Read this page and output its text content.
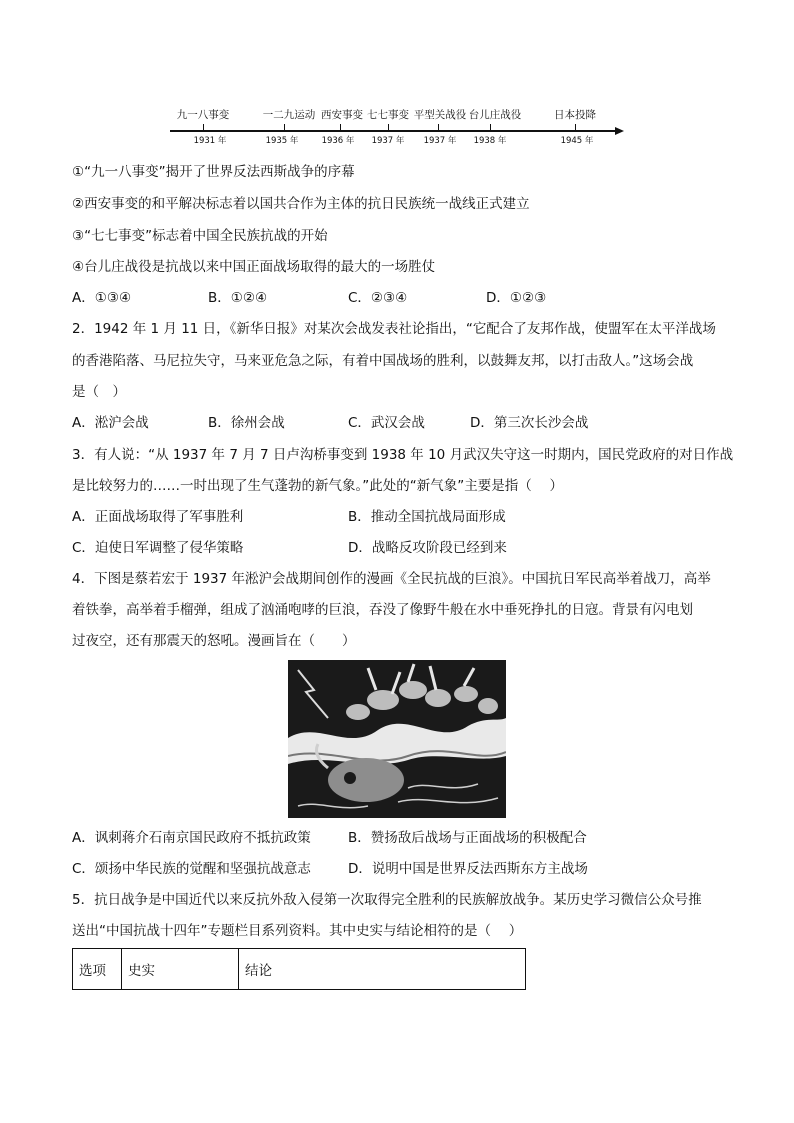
九一八事变
1931 年
一二九运动
1935 年
西安事变
1936 年
七七事变
1937 年
平型关战役
1937 年
台儿庄战役
1938 年
日本投降
1945 年
①“九一八事变”揭开了世界反法西斯战争的序幕
②西安事变的和平解决标志着以国共合作为主体的抗日民族统一战线正式建立
③“七七事变”标志着中国全民族抗战的开始
④台儿庄战役是抗战以来中国正面战场取得的最大的一场胜仗
A．①③④	B．①②④	C．②③④	D．①②③
2．1942 年 1 月 11 日，《新华日报》对某次会战发表社论指出，“它配合了友邦作战，使盟军在太平洋战场
的香港陷落、马尼拉失守，马来亚危急之际，有着中国战场的胜利，以鼓舞友邦，以打击敌人。”这场会战
是（　）
A．淞沪会战	B．徐州会战	C．武汉会战	D．第三次长沙会战
3．有人说：“从 1937 年 7 月 7 日卢沟桥事变到 1938 年 10 月武汉失守这一时期内，国民党政府的对日作战
是比较努力的……一时出现了生气蓬勃的新气象。”此处的“新气象”主要是指（　 ）
A．正面战场取得了军事胜利	B．推动全国抗战局面形成
C．迫使日军调整了侵华策略	D．战略反攻阶段已经到来
4．下图是蔡若宏于 1937 年淞沪会战期间创作的漫画《全民抗战的巨浪》。中国抗日军民高举着战刀，高举
着铁拳，高举着手榴弹，组成了汹涌咆哮的巨浪，吞没了像野牛般在水中垂死挣扎的日寇。背景有闪电划
过夜空，还有那震天的怒吼。漫画旨在（　　）
A．讽刺蒋介石南京国民政府不抵抗政策	B．赞扬敌后战场与正面战场的积极配合
C．颂扬中华民族的觉醒和坚强抗战意志	D．说明中国是世界反法西斯东方主战场
5．抗日战争是中国近代以来反抗外敌入侵第一次取得完全胜利的民族解放战争。某历史学习微信公众号推
送出“中国抗战十四年”专题栏目系列资料。其中史实与结论相符的是（　 ）
选项	史实	结论
